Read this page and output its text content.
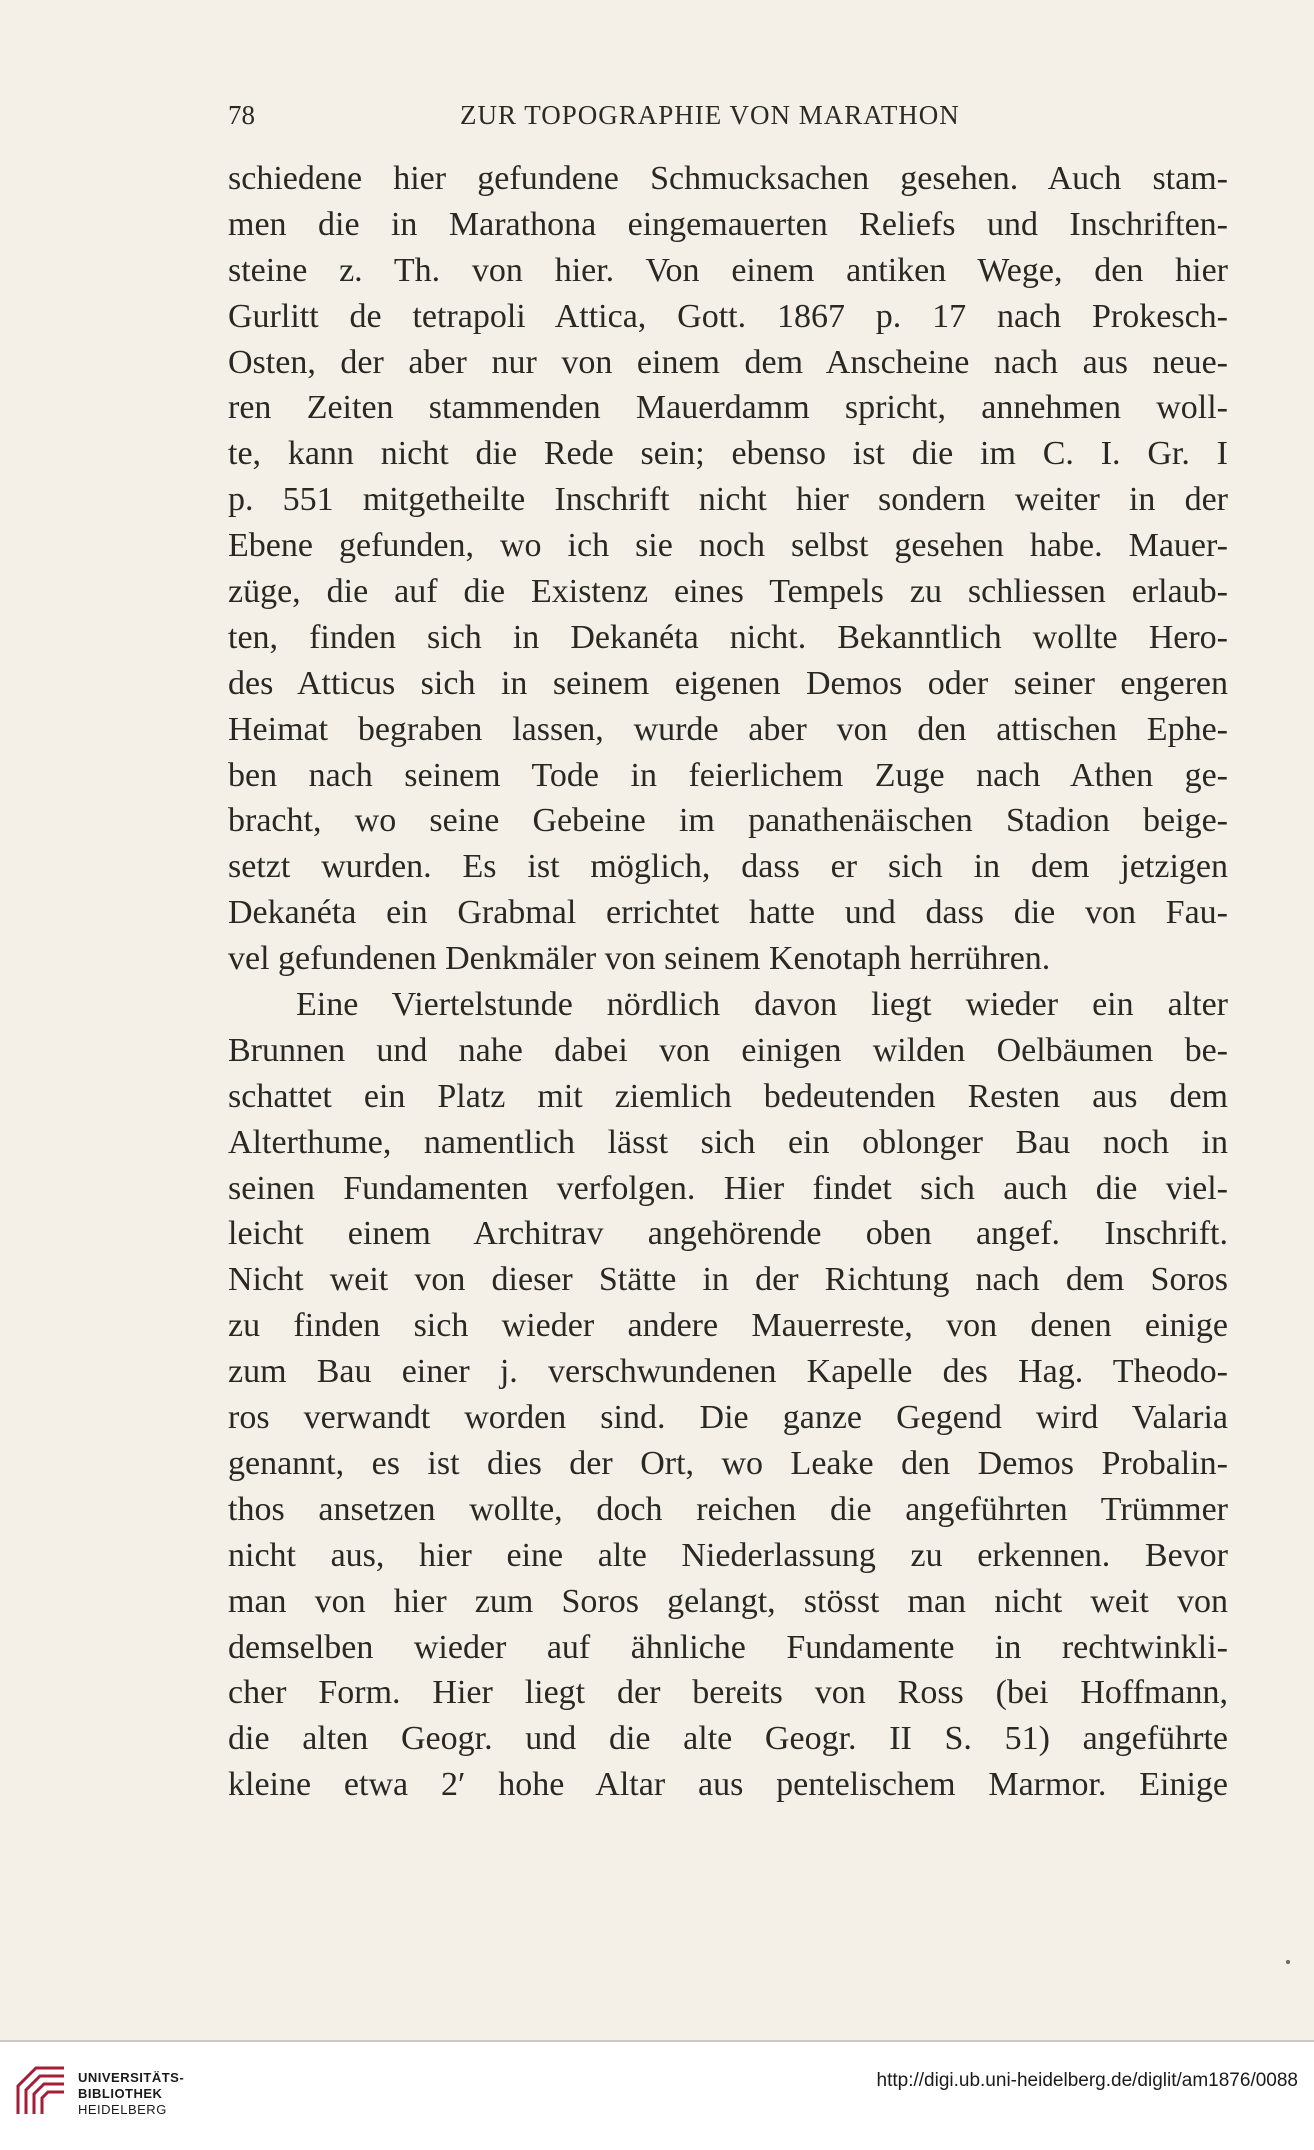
78	ZUR TOPOGRAPHIE VON MARATHON
schiedene hier gefundene Schmucksachen gesehen. Auch stam-
men die in Marathona eingemauerten Reliefs und Inschriften-
steine z. Th. von hier. Von einem antiken Wege, den hier
Gurlitt de tetrapoli Attica, Gott. 1867 p. 17 nach Prokesch-
Osten, der aber nur von einem dem Anscheine nach aus neue-
ren Zeiten stammenden Mauerdamm spricht, annehmen woll-
te, kann nicht die Rede sein; ebenso ist die im C. I. Gr. I
p. 551 mitgetheilte Inschrift nicht hier sondern weiter in der
Ebene gefunden, wo ich sie noch selbst gesehen habe. Mauer-
züge, die auf die Existenz eines Tempels zu schliessen erlaub-
ten, finden sich in Dekanéta nicht. Bekanntlich wollte Hero-
des Atticus sich in seinem eigenen Demos oder seiner engeren
Heimat begraben lassen, wurde aber von den attischen Ephe-
ben nach seinem Tode in feierlichem Zuge nach Athen ge-
bracht, wo seine Gebeine im panathenäischen Stadion beige-
setzt wurden. Es ist möglich, dass er sich in dem jetzigen
Dekanéta ein Grabmal errichtet hatte und dass die von Fau-
vel gefundenen Denkmäler von seinem Kenotaph herrühren.
Eine Viertelstunde nördlich davon liegt wieder ein alter
Brunnen und nahe dabei von einigen wilden Oelbäumen be-
schattet ein Platz mit ziemlich bedeutenden Resten aus dem
Alterthume, namentlich lässt sich ein oblonger Bau noch in
seinen Fundamenten verfolgen. Hier findet sich auch die viel-
leicht einem Architrav angehörende oben angef. Inschrift.
Nicht weit von dieser Stätte in der Richtung nach dem Soros
zu finden sich wieder andere Mauerreste, von denen einige
zum Bau einer j. verschwundenen Kapelle des Hag. Theodo-
ros verwandt worden sind. Die ganze Gegend wird Valaria
genannt, es ist dies der Ort, wo Leake den Demos Probalin-
thos ansetzen wollte, doch reichen die angeführten Trümmer
nicht aus, hier eine alte Niederlassung zu erkennen. Bevor
man von hier zum Soros gelangt, stösst man nicht weit von
demselben wieder auf ähnliche Fundamente in rechtwinkli-
cher Form. Hier liegt der bereits von Ross (bei Hoffmann,
die alten Geogr. und die alte Geogr. II S. 51) angeführte
kleine etwa 2′ hohe Altar aus pentelischem Marmor. Einige
UNIVERSITÄTS-
BIBLIOTHEK
HEIDELBERG
http://digi.ub.uni-heidelberg.de/diglit/am1876/0088
